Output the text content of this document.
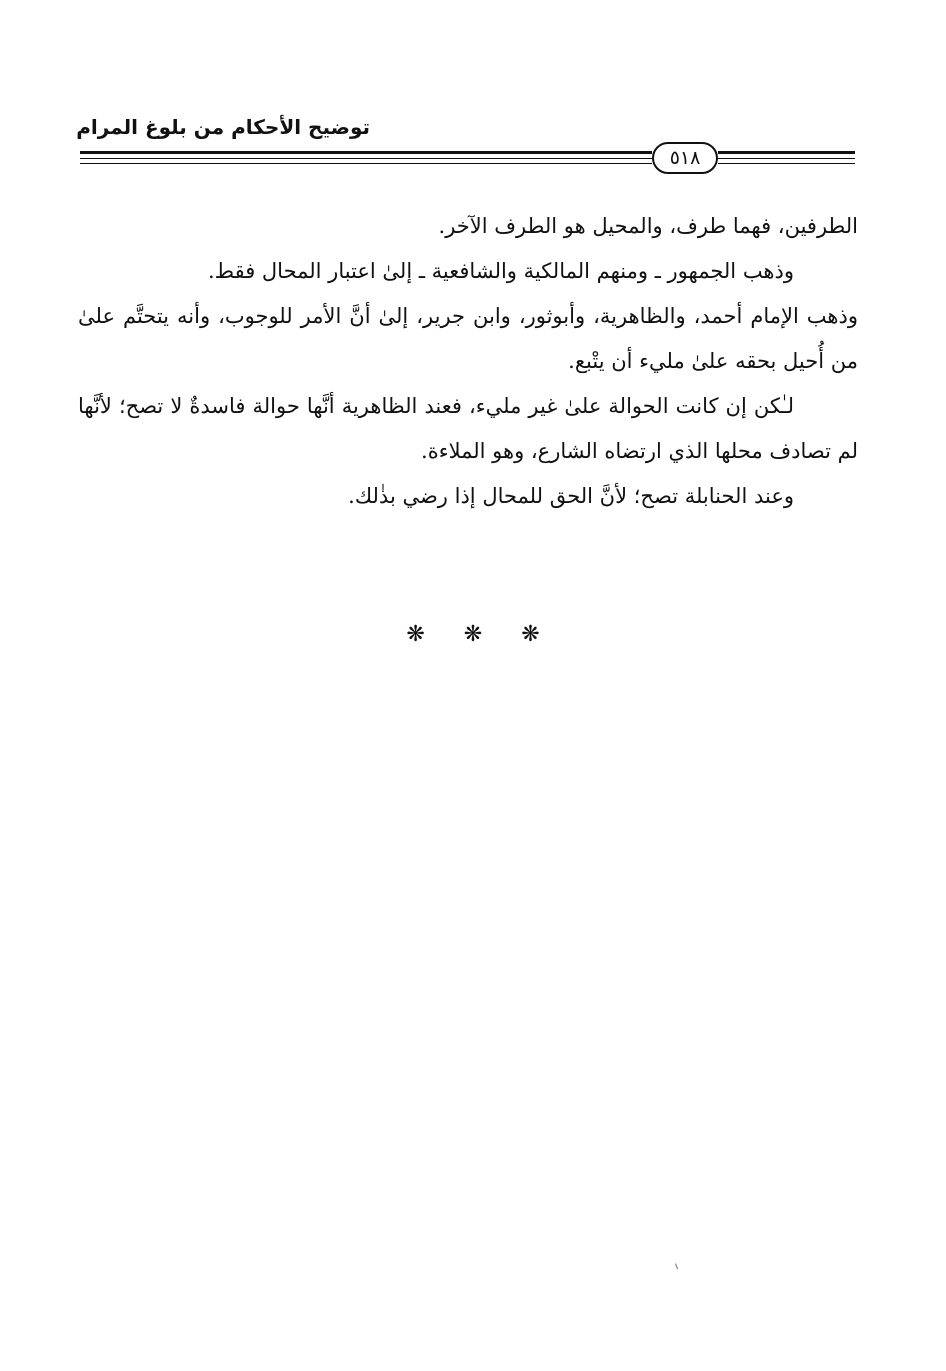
توضيح الأحكام من بلوغ المرام
٥١٨

الطرفين، فهما طرف، والمحيل هو الطرف الآخر.

وذهب الجمهور ـ ومنهم المالكية والشافعية ـ إلىٰ اعتبار المحال فقط.

وذهب الإمام أحمد، والظاهرية، وأبوثور، وابن جرير، إلىٰ أنَّ الأمر للوجوب، وأنه يتحتَّم علىٰ من أُحيل بحقه علىٰ مليء أن يتْبع.

لـٰكن إن كانت الحوالة علىٰ غير مليء، فعند الظاهرية أنَّها حوالة فاسدةٌ لا تصح؛ لأنَّها لم تصادف محلها الذي ارتضاه الشارع، وهو الملاءة.

وعند الحنابلة تصح؛ لأنَّ الحق للمحال إذا رضي بذٰلك.

❋ ❋ ❋
